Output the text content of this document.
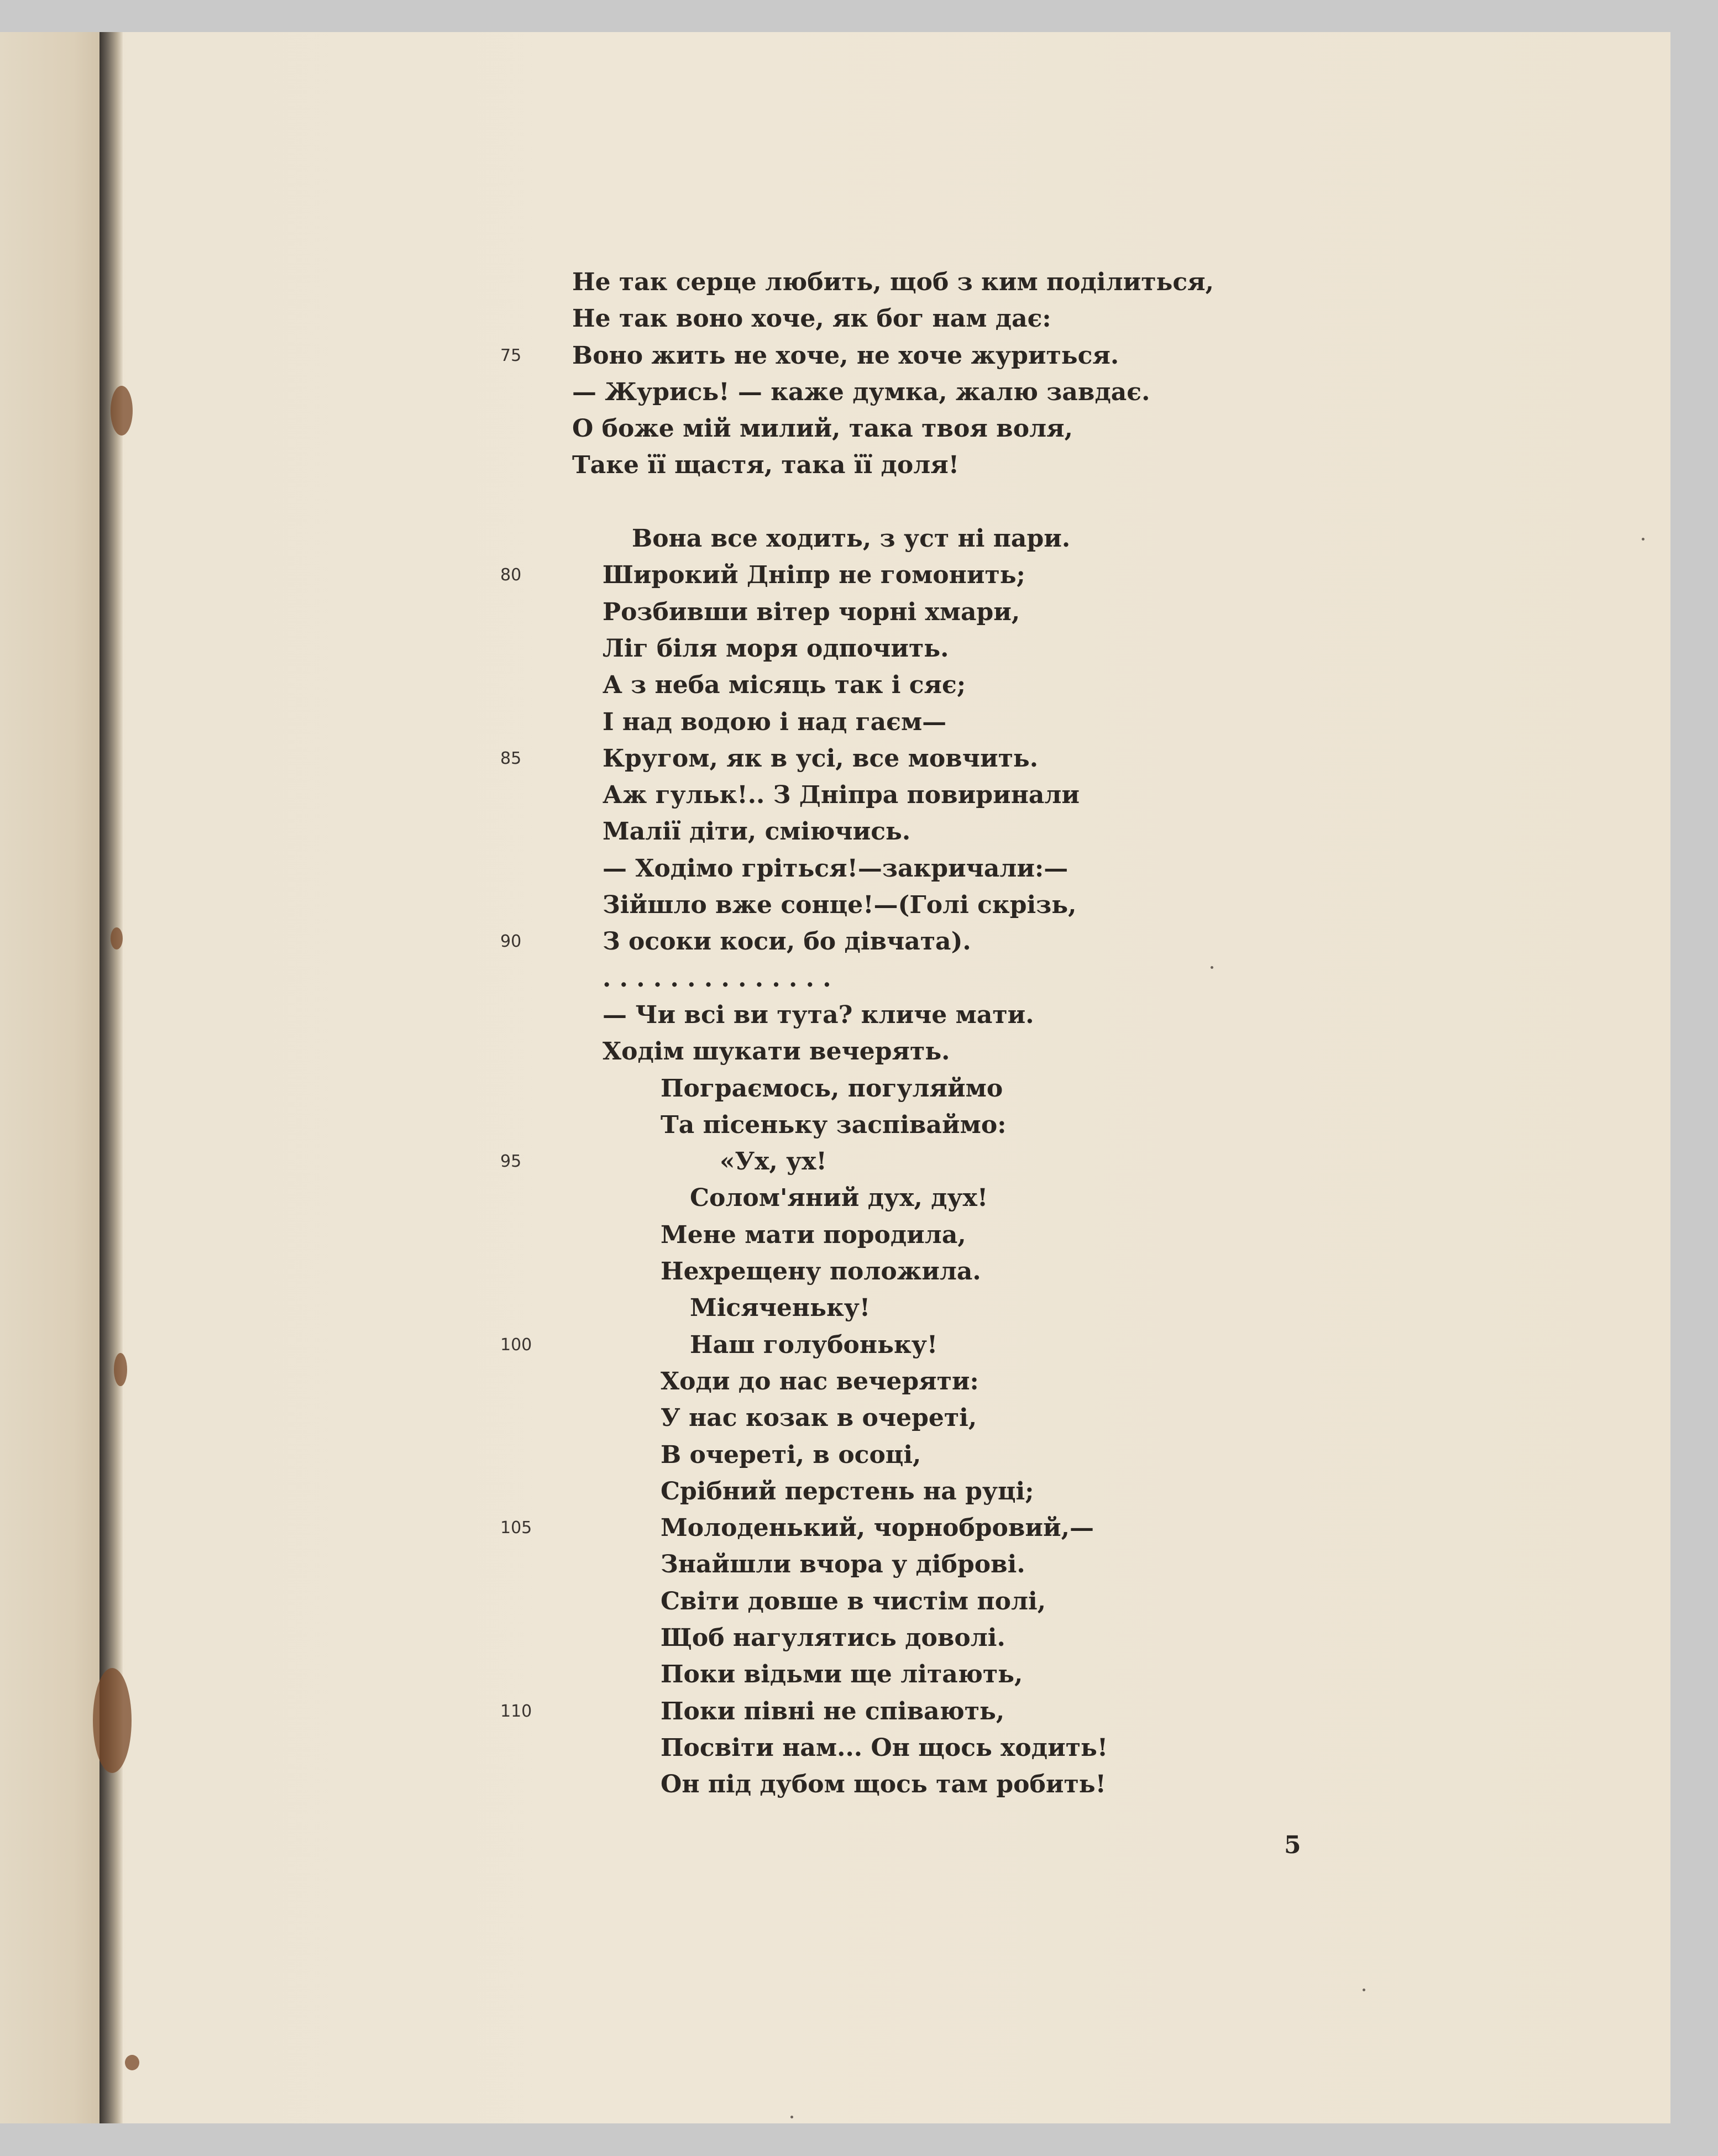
Не так серце любить, щоб з ким поділиться,
Не так воно хоче, як бог нам дає:
75	Воно жить не хоче, не хоче журиться.
— Журись! — каже думка, жалю завдає.
О боже мій милий, така твоя воля,
Таке її щастя, така її доля!
Вона все ходить, з уст ні пари.
80	Широкий Дніпр не гомонить;
Розбивши вітер чорні хмари,
Ліг біля моря одпочить.
А з неба місяць так і сяє;
І над водою і над гаєм—
85	Кругом, як в усі, все мовчить.
Аж гульк!.. З Дніпра повиринали
Малії діти, сміючись.
— Ходімо гріться!—закричали:—
Зійшло вже сонце!—(Голі скрізь,
90	З осоки коси, бо дівчата).
. . . . . . . . . . . . . .
— Чи всі ви тута? кличе мати.
Ходім шукати вечерять.
Пограємось, погуляймо
Та пісеньку заспіваймо:
95	«Ух, ух!
Солом'яний дух, дух!
Мене мати породила,
Нехрещену положила.
Місяченьку!
100	Наш голубоньку!
Ходи до нас вечеряти:
У нас козак в очереті,
В очереті, в осоці,
Срібний перстень на руці;
105	Молоденький, чорнобровий,—
Знайшли вчора у діброві.
Світи довше в чистім полі,
Щоб нагулятись доволі.
Поки відьми ще літають,
110	Поки півні не співають,
Посвіти нам... Он щось ходить!
Он під дубом щось там робить!
5
